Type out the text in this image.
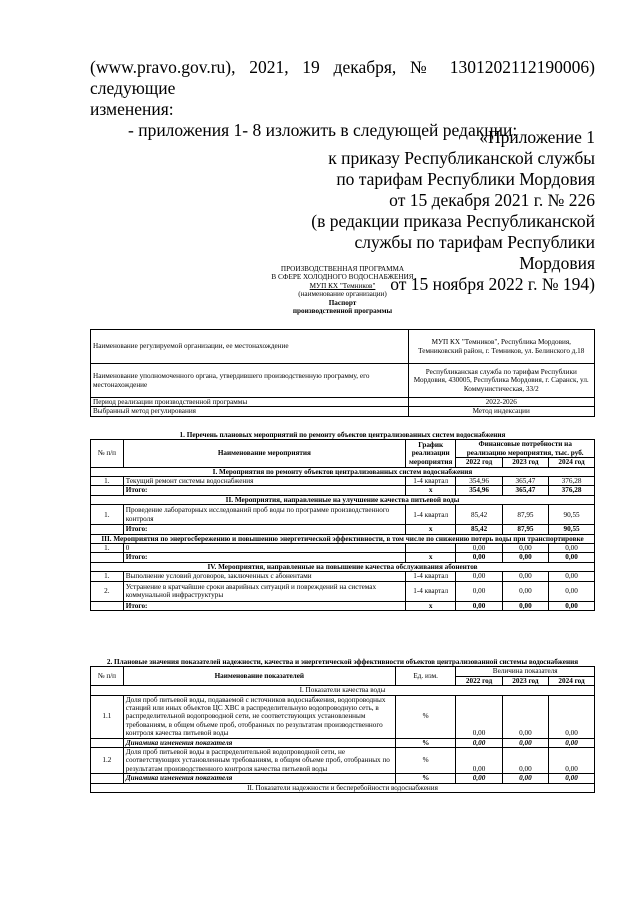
(www.pravo.gov.ru), 2021, 19 декабря, № 1301202112190006) следующие
изменения:
- приложения 1- 8 изложить в следующей редакции:
«Приложение 1
к приказу Республиканской службы
по тарифам Республики Мордовия
от 15 декабря 2021 г. № 226
(в редакции приказа Республиканской
службы по тарифам Республики Мордовия
от 15 ноября 2022 г. № 194)
ПРОИЗВОДСТВЕННАЯ ПРОГРАММА
В СФЕРЕ ХОЛОДНОГО ВОДОСНАБЖЕНИЯ
МУП КХ "Темников"
(наименование организации)
Паспорт
производственной программы
Наименование регулируемой организации, ее местонахождение	МУП КХ "Темников", Республика Мордовия, Темниковский район, г. Темников, ул. Белинского д.18
Наименование уполномоченного органа, утвердившего производственную программу, его местонахождение	Республиканская служба по тарифам Республики Мордовия, 430005, Республика Мордовия, г. Саранск, ул. Коммунистическая, 33/2
Период реализации производственной программы	2022-2026
Выбранный метод регулирования	Метод индексации
1. Перечень плановых мероприятий по ремонту объектов централизованных систем водоснабжения
№ п/п	Наименование мероприятия	График реализации мероприятия	Финансовые потребности на реализацию мероприятия, тыс. руб.		
			2022 год	2023 год	2024 год
I. Мероприятия по ремонту объектов централизованных систем водоснабжения					
1.	Текущий ремонт системы водоснабжения	1-4 квартал	354,96	365,47	376,28
	Итого:	х	354,96	365,47	376,28
II. Мероприятия, направленные на улучшение качества питьевой воды					
1.	Проведение лабораторных исследований проб воды по программе производственного контроля	1-4 квартал	85,42	87,95	90,55
	Итого:	х	85,42	87,95	90,55
III. Мероприятия по энергосбережению и повышению энергетической эффективности, в том числе по снижению потерь воды при транспортировке					
1.	0		0,00	0,00	0,00
	Итого:	х	0,00	0,00	0,00
IV. Мероприятия, направленные на повышение качества обслуживания абонентов					
1.	Выполнение условий договоров, заключенных с абонентами	1-4 квартал	0,00	0,00	0,00
2.	Устранение в кратчайшие сроки аварийных ситуаций и повреждений на системах коммунальной инфраструктуры	1-4 квартал	0,00	0,00	0,00
	Итого:	х	0,00	0,00	0,00
2. Плановые значения показателей надежности, качества и энергетической эффективности объектов централизованной системы водоснабжения
№ п/п	Наименование показателей	Ед. изм.	Величина показателя		
			2022 год	2023 год	2024 год
I. Показатели качества воды					
1.1	Доля проб питьевой воды, подаваемой с источников водоснабжения, водопроводных станций или иных объектов ЦС ХВС в распределительную водопроводную сеть, в распределительной водопроводной сети, не соответствующих установленным требованиям, в общем объеме проб, отобранных по результатам производственного контроля качества питьевой воды	%	0,00	0,00	0,00
	Динамика изменения показателя	%	0,00	0,00	0,00
1.2	Доля проб питьевой воды в распределительной водопроводной сети, не соответствующих установленным требованиям, в общем объеме проб, отобранных по результатам производственного контроля качества питьевой воды	%	0,00	0,00	0,00
	Динамика изменения показателя	%	0,00	0,00	0,00
II. Показатели надежности и бесперебойности водоснабжения					
